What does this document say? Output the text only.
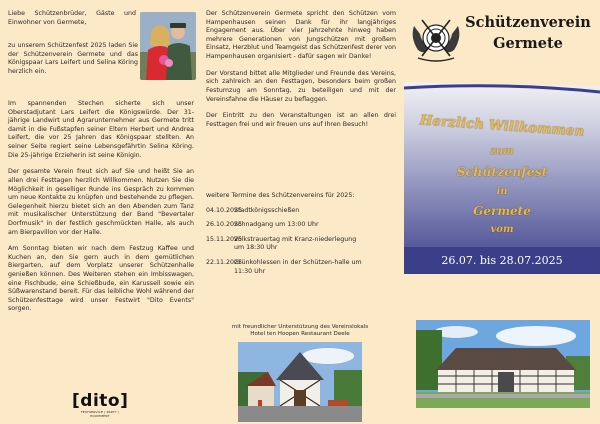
Liebe Schützenbrüder, Gäste und Einwohner von Germete,

zu unserem Schützenfest 2025 laden Sie der Schützenverein Germete und das Königspaar Lars Leifert und Selina Köring herzlich ein.

Im spannenden Stechen sicherte sich unser Oberstadjutant Lars Leifert die Königswürde. Der 31-jährige Landwirt und Agrarunternehmer aus Germete tritt damit in die Fußstapfen seiner Eltern Herbert und Andrea Leifert, die vor 25 Jahren das Königspaar stellten. An seiner Seite regiert seine Lebensgefährtin Selina Köring. Die 25-jährige Erzieherin ist seine Königin.

Der gesamte Verein freut sich auf Sie und heißt Sie an allen drei Festtagen herzlich Willkommen. Nutzen Sie die Möglichkeit in geselliger Runde ins Gespräch zu kommen um neue Kontakte zu knüpfen und bestehende zu pflegen. Gelegenheit hierzu bietet sich an den Abenden zum Tanz mit musikalischer Unterstützung der Band "Bevertaler Dorfmusik" in der festlich geschmückten Halle, als auch am Bierpavillon vor der Halle.

Am Sonntag bieten wir nach dem Festzug Kaffee und Kuchen an, den Sie gern auch in dem gemütlichen Biergarten, auf dem Vorplatz unserer Schützenhalle genießen können. Des Weiteren stehen ein Imbisswagen, eine Fischbude, eine Schießbude, ein Karussell sowie ein Süßwarenstand bereit. Für das leibliche Wohl während der Schützenfesttage wird unser Festwirt "Dito Events" sorgen.

[dito]
FESTSERVICE | PARTY | EQUIPMENT

Der Schützenverein Germete spricht den Schützen vom Hampenhausen seinen Dank für ihr langjähriges Engagement aus. Über vier Jahrzehnte hinweg haben mehrere Generationen von Jungschützen mit großem Einsatz, Herzblut und Teamgeist das Schützenfest derer von Hampenhausen organisiert - dafür sagen wir Danke!

Der Vorstand bittet alle Mitglieder und Freunde des Vereins, sich zahlreich an den Festtagen, besonders beim großen Festumzug am Sonntag, zu beteiligen und mit der Vereinsfahne die Häuser zu beflaggen.

Der Eintritt zu den Veranstaltungen ist an allen drei Festtagen frei und wir freuen uns auf Ihren Besuch!

weitere Termine des Schützenvereins für 2025:
04.10.2025
Stadtkönigsschießen
26.10.2025
Schnadgang um 13:00 Uhr
15.11.2025
Volkstrauertag mit Kranz-niederlegung um 18:30 Uhr
22.11.2025
Grünkohlessen in der Schützen-halle um 11:30 Uhr
mit freundlicher Unterstützung des Vereinslokals
Hotel ten Hoopen Restaurant Deele
Schützenverein
Germete
Herzlich Willkommen
zum
Schützenfest
in
Germete
vom
26.07. bis 28.07.2025
